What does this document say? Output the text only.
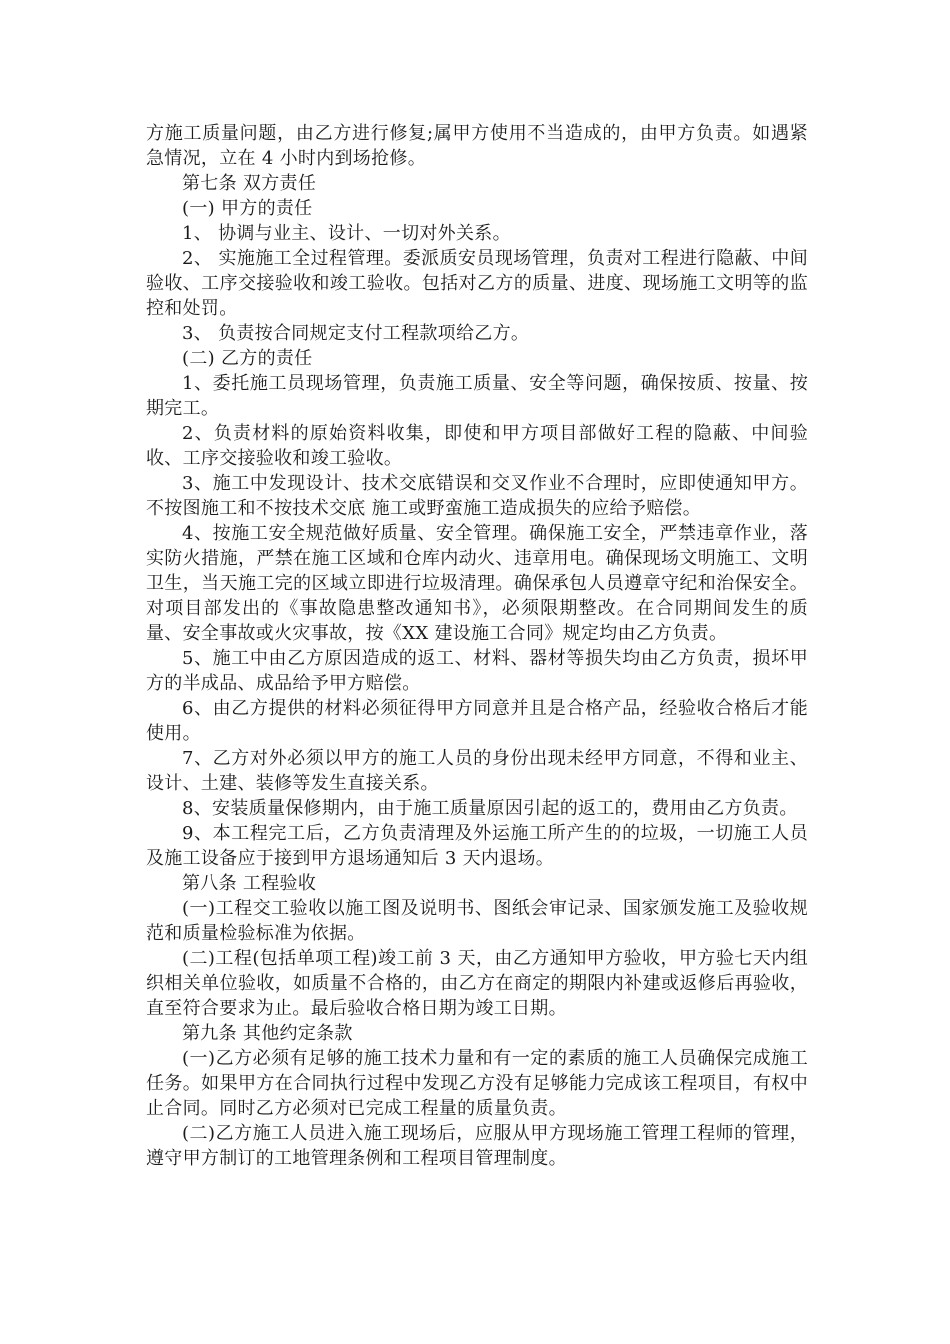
方施工质量问题，由乙方进行修复;属甲方使用不当造成的，由甲方负责。如遇紧急情况，立在 4 小时内到场抢修。

第七条 双方责任

(一) 甲方的责任

1、 协调与业主、设计、一切对外关系。

2、 实施施工全过程管理。委派质安员现场管理，负责对工程进行隐蔽、中间验收、工序交接验收和竣工验收。包括对乙方的质量、进度、现场施工文明等的监控和处罚。

3、 负责按合同规定支付工程款项给乙方。

(二) 乙方的责任

1、委托施工员现场管理，负责施工质量、安全等问题，确保按质、按量、按期完工。

2、负责材料的原始资料收集，即使和甲方项目部做好工程的隐蔽、中间验收、工序交接验收和竣工验收。

3、施工中发现设计、技术交底错误和交叉作业不合理时，应即使通知甲方。不按图施工和不按技术交底 施工或野蛮施工造成损失的应给予赔偿。

4、按施工安全规范做好质量、安全管理。确保施工安全，严禁违章作业，落实防火措施，严禁在施工区域和仓库内动火、违章用电。确保现场文明施工、文明卫生，当天施工完的区域立即进行垃圾清理。确保承包人员遵章守纪和治保安全。对项目部发出的《事故隐患整改通知书》，必须限期整改。在合同期间发生的质量、安全事故或火灾事故，按《XX 建设施工合同》规定均由乙方负责。

5、施工中由乙方原因造成的返工、材料、器材等损失均由乙方负责，损坏甲方的半成品、成品给予甲方赔偿。

6、由乙方提供的材料必须征得甲方同意并且是合格产品，经验收合格后才能使用。

7、乙方对外必须以甲方的施工人员的身份出现未经甲方同意，不得和业主、设计、土建、装修等发生直接关系。

8、安装质量保修期内，由于施工质量原因引起的返工的，费用由乙方负责。

9、本工程完工后，乙方负责清理及外运施工所产生的的垃圾，一切施工人员及施工设备应于接到甲方退场通知后 3 天内退场。

第八条 工程验收

(一)工程交工验收以施工图及说明书、图纸会审记录、国家颁发施工及验收规范和质量检验标准为依据。

(二)工程(包括单项工程)竣工前 3 天，由乙方通知甲方验收，甲方验七天内组织相关单位验收，如质量不合格的，由乙方在商定的期限内补建或返修后再验收，直至符合要求为止。最后验收合格日期为竣工日期。

第九条 其他约定条款

(一)乙方必须有足够的施工技术力量和有一定的素质的施工人员确保完成施工任务。如果甲方在合同执行过程中发现乙方没有足够能力完成该工程项目，有权中止合同。同时乙方必须对已完成工程量的质量负责。

(二)乙方施工人员进入施工现场后，应服从甲方现场施工管理工程师的管理，遵守甲方制订的工地管理条例和工程项目管理制度。
